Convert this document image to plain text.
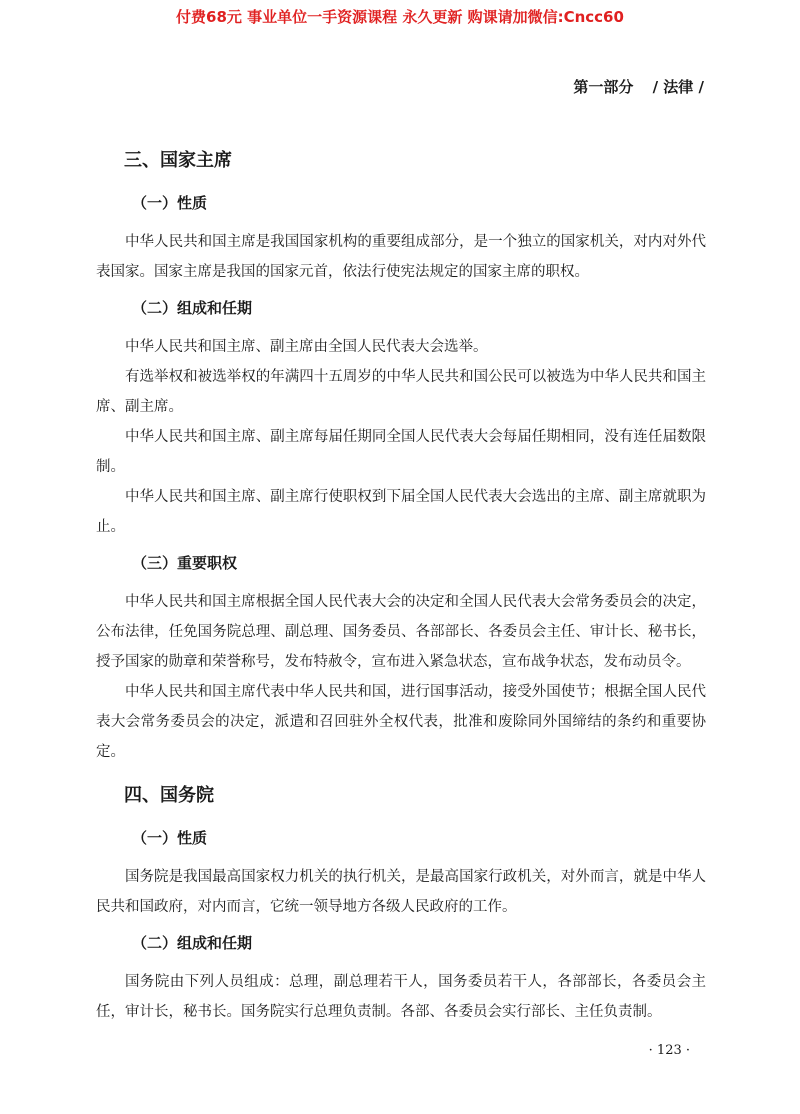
付费68元 事业单位一手资源课程 永久更新 购课请加微信:Cncc60
第一部分 / 法律 /
三、国家主席
（一）性质

中华人民共和国主席是我国国家机构的重要组成部分，是一个独立的国家机关，对内对外代表国家。国家主席是我国的国家元首，依法行使宪法规定的国家主席的职权。

（二）组成和任期

中华人民共和国主席、副主席由全国人民代表大会选举。

有选举权和被选举权的年满四十五周岁的中华人民共和国公民可以被选为中华人民共和国主席、副主席。

中华人民共和国主席、副主席每届任期同全国人民代表大会每届任期相同，没有连任届数限制。

中华人民共和国主席、副主席行使职权到下届全国人民代表大会选出的主席、副主席就职为止。

（三）重要职权

中华人民共和国主席根据全国人民代表大会的决定和全国人民代表大会常务委员会的决定，公布法律，任免国务院总理、副总理、国务委员、各部部长、各委员会主任、审计长、秘书长，授予国家的勋章和荣誉称号，发布特赦令，宣布进入紧急状态，宣布战争状态，发布动员令。

中华人民共和国主席代表中华人民共和国，进行国事活动，接受外国使节；根据全国人民代表大会常务委员会的决定，派遣和召回驻外全权代表，批准和废除同外国缔结的条约和重要协定。

四、国务院
（一）性质

国务院是我国最高国家权力机关的执行机关，是最高国家行政机关，对外而言，就是中华人民共和国政府，对内而言，它统一领导地方各级人民政府的工作。

（二）组成和任期

国务院由下列人员组成：总理，副总理若干人，国务委员若干人，各部部长，各委员会主任，审计长，秘书长。国务院实行总理负责制。各部、各委员会实行部长、主任负责制。

· 123 ·
